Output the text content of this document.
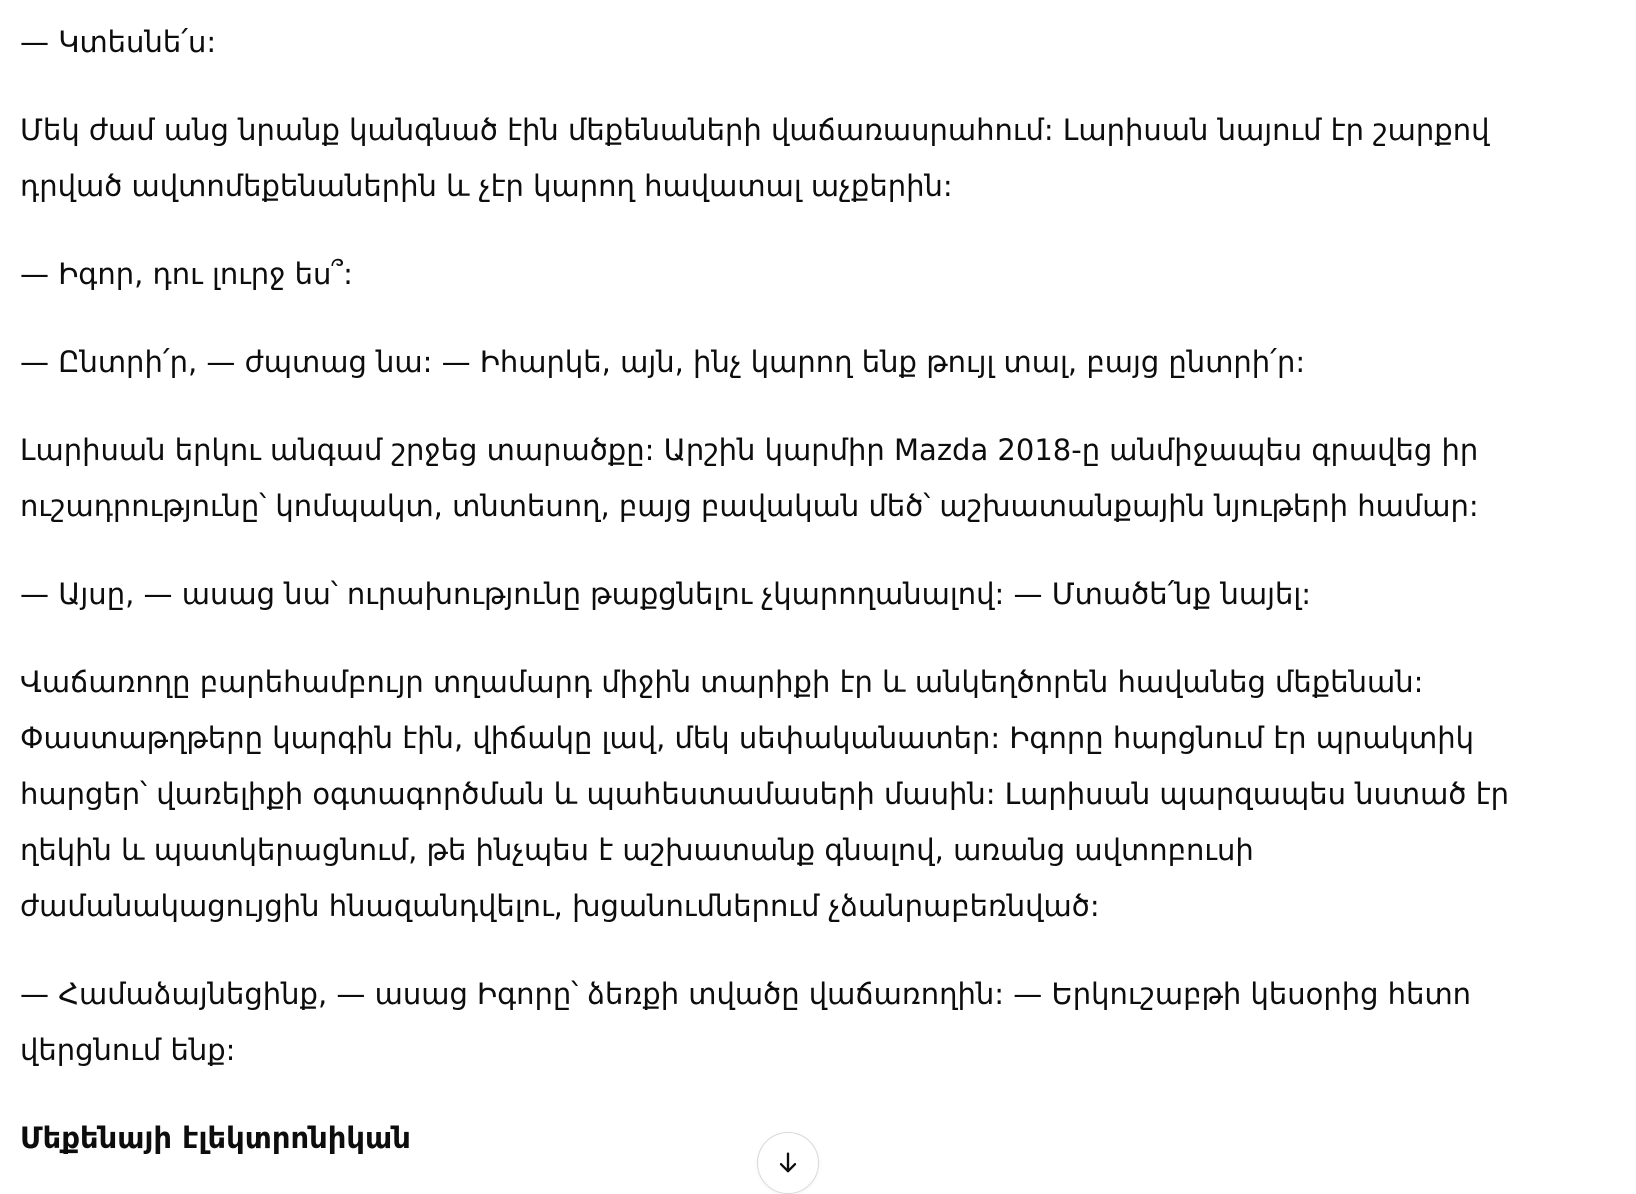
— Կտեսնե՛ս:

Մեկ ժամ անց նրանք կանգնած էին մեքենաների վաճառասրահում: Լարիսան նայում էր շարքով դրված ավտոմեքենաներին և չէր կարող հավատալ աչքերին:

— Իգոր, դու լուրջ ես՞:

— Ընտրի՛ր, — ժպտաց նա: — Իհարկե, այն, ինչ կարող ենք թույլ տալ, բայց ընտրի՛ր:

Լարիսան երկու անգամ շրջեց տարածքը: Արշին կարմիր Mazda 2018-ը անմիջապես գրավեց իր ուշադրությունը՝ կոմպակտ, տնտեսող, բայց բավական մեծ՝ աշխատանքային նյութերի համար:

— Այսը, — ասաց նա՝ ուրախությունը թաքցնելու չկարողանալով: — Մտածե՛նք նայել:

Վաճառողը բարեհամբույր տղամարդ միջին տարիքի էր և անկեղծորեն հավանեց մեքենան: Փաստաթղթերը կարգին էին, վիճակը լավ, մեկ սեփականատեր: Իգորը հարցնում էր պրակտիկ հարցեր՝ վառելիքի օգտագործման և պահեստամասերի մասին: Լարիսան պարզապես նստած էր ղեկին և պատկերացնում, թե ինչպես է աշխատանք գնալով, առանց ավտոբուսի ժամանակացույցին հնազանդվելու, խցանումներում չձանրաբեռնված:

— Համաձայնեցինք, — ասաց Իգորը՝ ձեռքի տվածը վաճառողին: — Երկուշաբթի կեսօրից հետո վերցնում ենք:

Մեքենայի էլեկտրոնիկան
